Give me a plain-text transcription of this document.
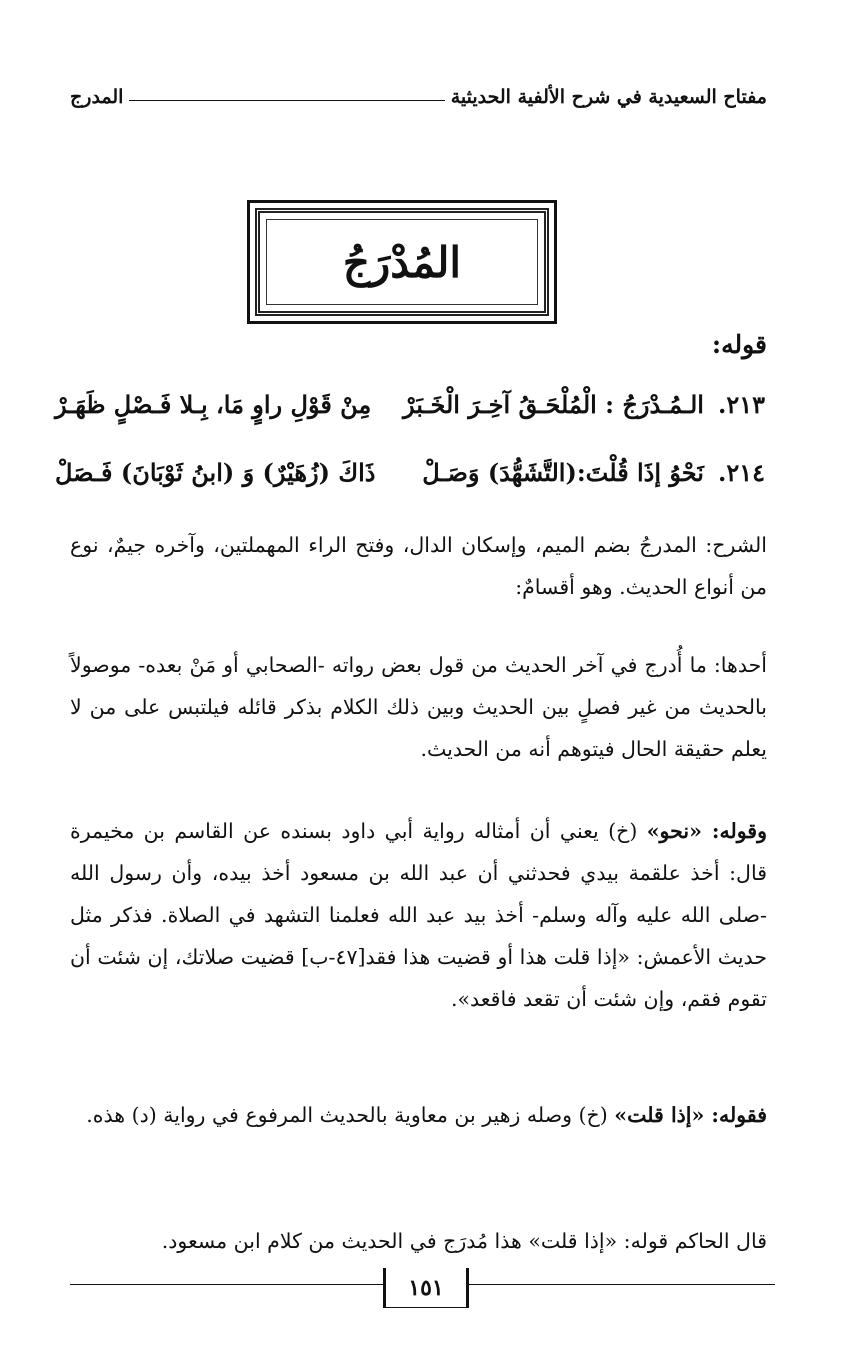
مفتاح السعيدية في شرح الألفية الحديثية
المدرج
المُدْرَجُ
قوله:
٢١٣.
الـمُـدْرَجُ : الْمُلْحَـقُ آخِـرَ الْخَـبَرْ
مِنْ قَوْلِ راوٍ مَا، بِـلا فَـصْلٍ ظَهَـرْ
٢١٤.
نَحْوُ إذَا قُلْتَ:(التَّشَهُّدَ) وَصَـلْ
ذَاكَ (زُهَيْرٌ) وَ (ابنُ ثَوْبَانَ) فَـصَلْ
الشرح: المدرجُ بضم الميم، وإسكان الدال، وفتح الراء المهملتين، وآخره جيمٌ، نوع من أنواع الحديث. وهو أقسامٌ:
أحدها: ما أُدرج في آخر الحديث من قول بعض رواته -الصحابي أو مَنْ بعده- موصولاً بالحديث من غير فصلٍ بين الحديث وبين ذلك الكلام بذكر قائله فيلتبس على من لا يعلم حقيقة الحال فيتوهم أنه من الحديث.
وقوله: «نحو» (خ) يعني أن أمثاله رواية أبي داود بسنده عن القاسم بن مخيمرة قال: أخذ علقمة بيدي فحدثني أن عبد الله بن مسعود أخذ بيده، وأن رسول الله -صلى الله عليه وآله وسلم- أخذ بيد عبد الله فعلمنا التشهد في الصلاة. فذكر مثل حديث الأعمش: «إذا قلت هذا أو قضيت هذا فقد[٤٧-ب] قضيت صلاتك، إن شئت أن تقوم فقم، وإن شئت أن تقعد فاقعد».
فقوله: «إذا قلت» (خ) وصله زهير بن معاوية بالحديث المرفوع في رواية (د) هذه.
قال الحاكم قوله: «إذا قلت» هذا مُدرَج في الحديث من كلام ابن مسعود.
١٥١
